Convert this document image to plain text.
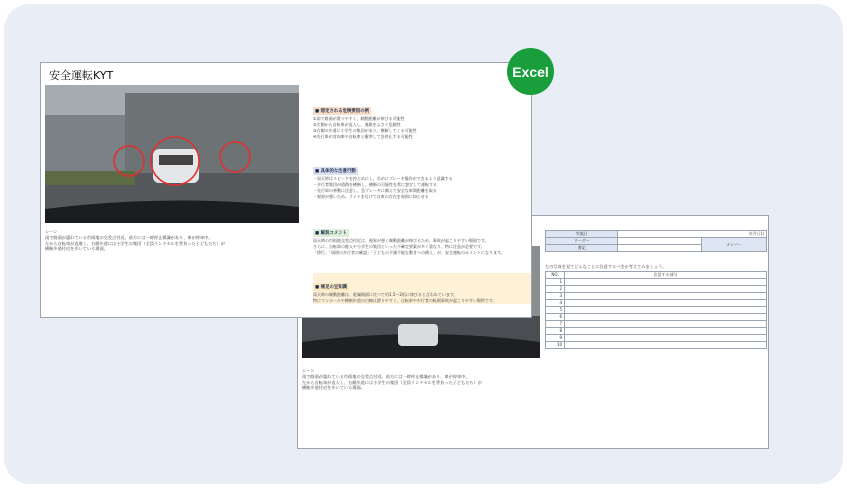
実施日	年月日()	
リーダー		メンバー
書記		
左の写真を見てどんなことに注意するべきか考えてみましょう。
NO.	注意する部分
1	
2	
3	
4	
5	
6	
7	
8	
9	
10	
シーン
雨で路面が濡れている市街地の交差点付近。前方には一時停止標識があり、車が停車中。
左から自転車が直入し、右側歩道には小学生の集団（全員ランドセルを背負った子どもたち）が
横断歩道付近を歩いている場面。
安全運転KYT
シーン
雨で路面が濡れている市街地の交差点付近。前方には一時停止標識があり、車が停車中。
左から自転車が直進し、右側歩道には小学生の集団（全員ランドセルを背負った子どもたち）が
横断歩道付近を歩いている場面。
■ 想定される危険要因の例
①雨で路面が滑りやすく、制動距離が伸びる可能性
②左側から自転車が直入し、進路をふさぐ危険性
③右側の歩道に小学生の集団があり、横断してくる可能性
④先行車が対向車や自転車と衝突して急停止する可能性
■ 具体的な注意行動
・雨天時はスピードを控えめにし、早めにブレーキ操作ができるよう意識する
・歩行者集団が道路を横断し、横断の可能性を常に想定して運転する
・先行車の挙動に注意し、急ブレーキに備えて安全な車間距離を取る
・視界が悪いため、ライトを灯けて自車の存在を周囲に知らせる
■ 解説コメント
雨天時の市街地交差点付近は、視界が悪く制動距離が伸びるため、事故が起こりやすい場面です。
さらに、自転車の進入や小学生の集団といった不確定要素が多く重なり、特に注意が必要です。
「徐行」「周囲の歩行者の確認」「子どもの予測不能な動きへの備え」が、安全運転のポイントになります。
■ 補足の豆知識
雨天時の制動距離は、乾燥路面に比べて約1.5〜2倍に伸びると言われています。
特にマンホールや横断歩道の白線は滑りやすく、自転車や歩行者の転倒事故が起こりやすい場所です。
Excel
